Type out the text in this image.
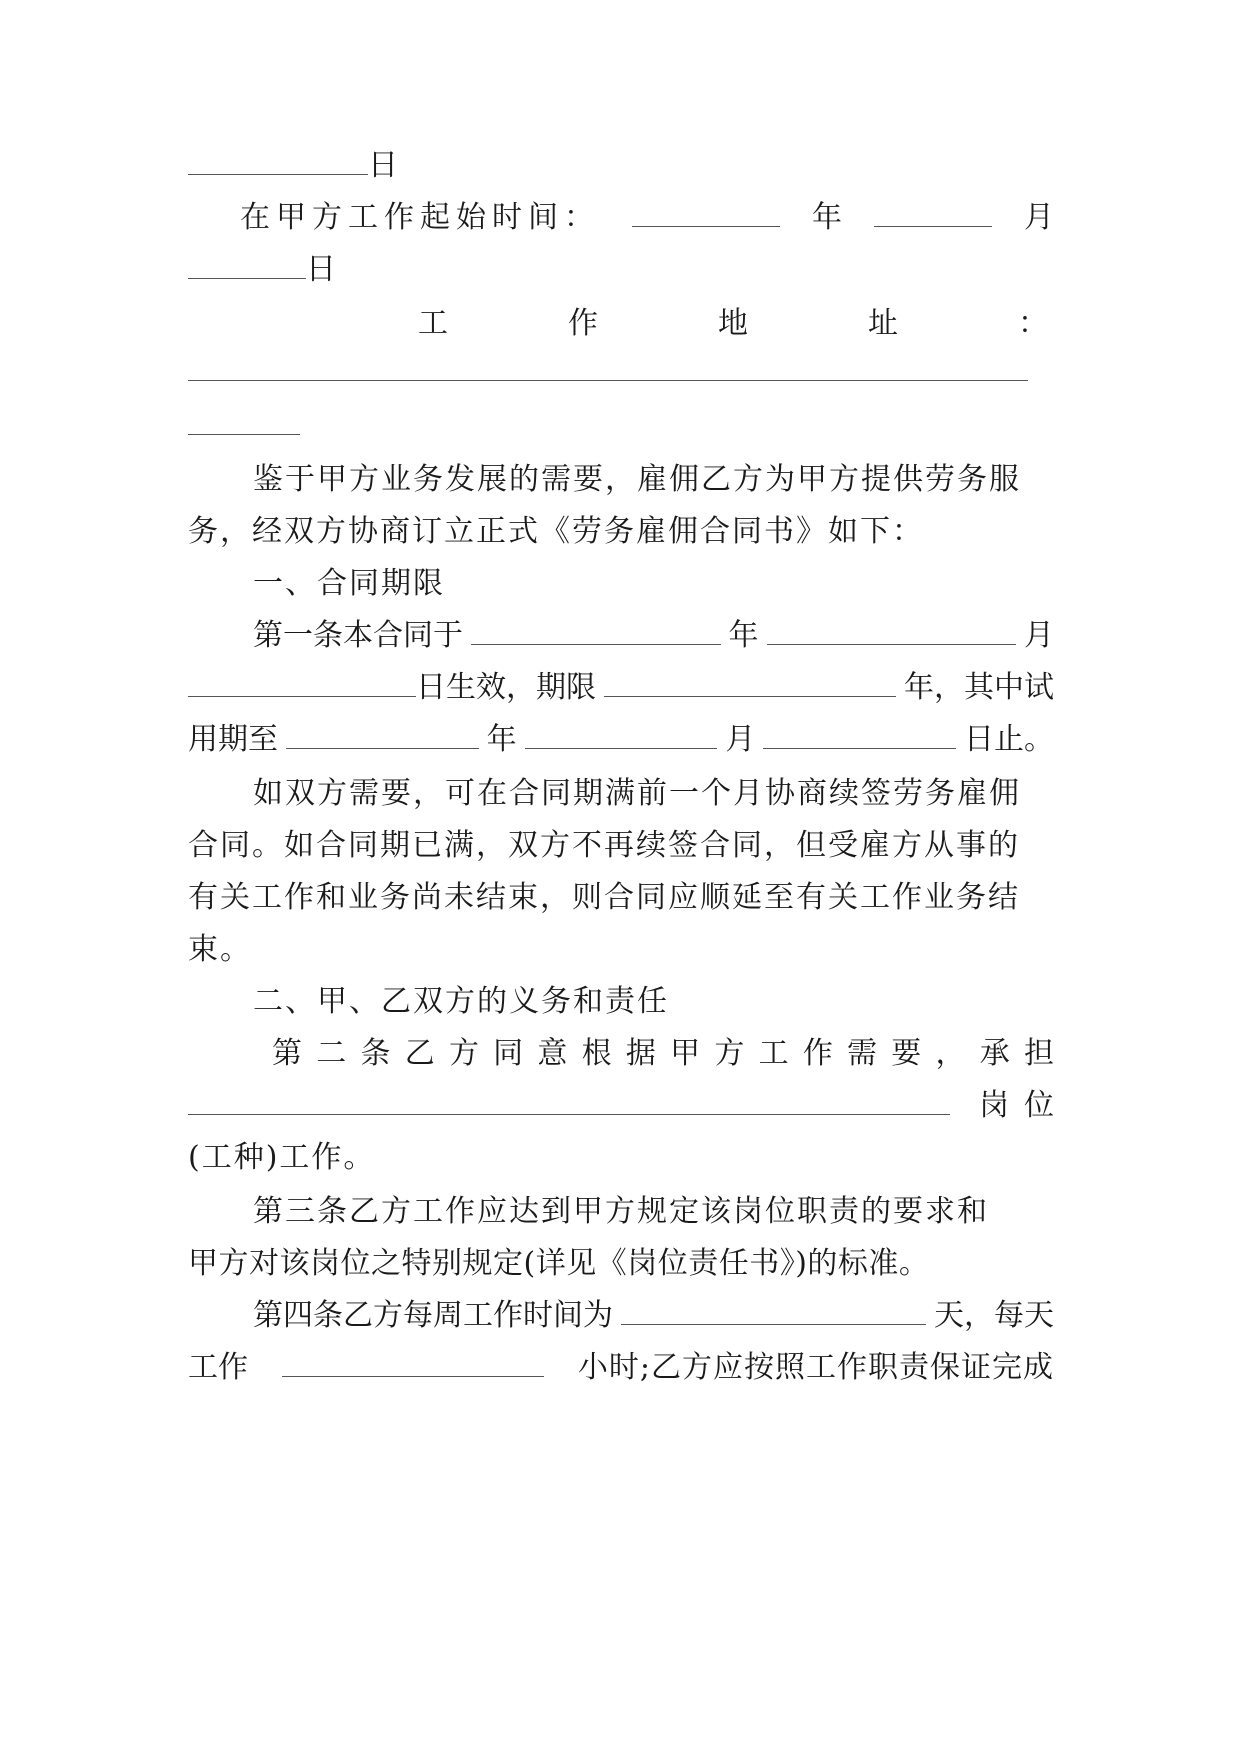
日
在甲方工作起始时间：	年	月
日
工	作	地	址	：
鉴于甲方业务发展的需要，雇佣乙方为甲方提供劳务服
务，经双方协商订立正式《劳务雇佣合同书》如下：
一、合同期限
第一条本合同于	年	月
日生效，期限	年，其中试
用期至	年	月	日止。
如双方需要，可在合同期满前一个月协商续签劳务雇佣
合同。如合同期已满，双方不再续签合同，但受雇方从事的
有关工作和业务尚未结束，则合同应顺延至有关工作业务结
束。
二、甲、乙双方的义务和责任
第 二 条 乙 方 同 意 根 据 甲 方 工 作 需 要 ， 承 担
岗 位
(工种)工作。
第三条乙方工作应达到甲方规定该岗位职责的要求和
甲方对该岗位之特别规定(详见《岗位责任书》)的标准。
第四条乙方每周工作时间为	天，每天
工作	小时;乙方应按照工作职责保证完成
